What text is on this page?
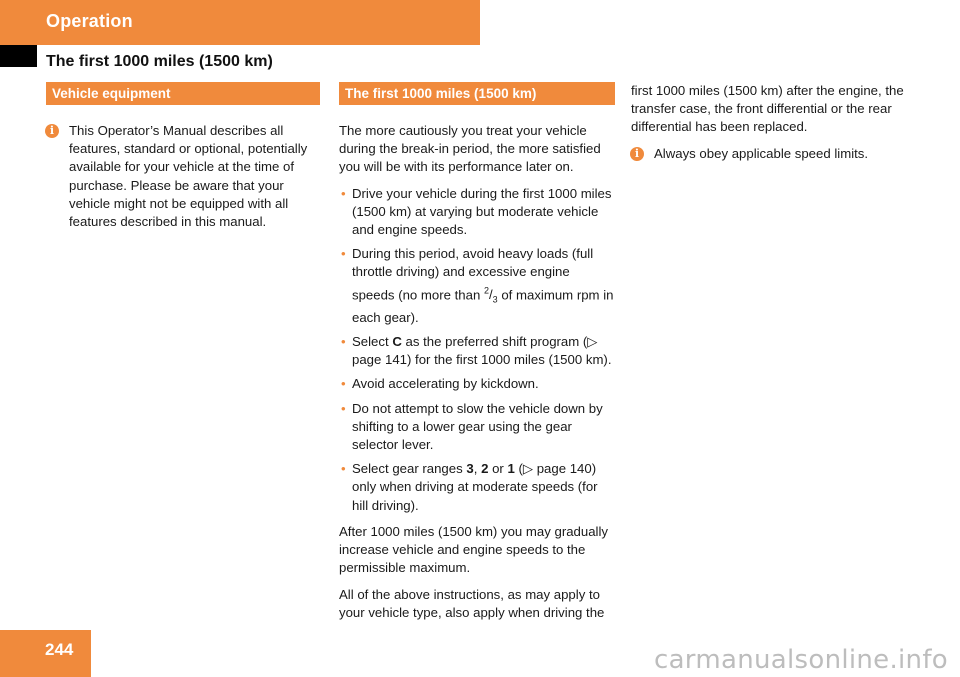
Operation
The first 1000 miles (1500 km)
Vehicle equipment
i	This Operator’s Manual describes all features, standard or optional, potentially available for your vehicle at the time of purchase. Please be aware that your vehicle might not be equipped with all features described in this manual.
The first 1000 miles (1500 km)

The more cautiously you treat your vehicle during the break-in period, the more satisfied you will be with its performance later on.

• Drive your vehicle during the first 1000 miles (1500 km) at varying but moderate vehicle and engine speeds.
• During this period, avoid heavy loads (full throttle driving) and excessive engine speeds (no more than $^2/_3$ of maximum rpm in each gear).
• Select C as the preferred shift program (▷ page 141) for the first 1000 miles (1500 km).
• Avoid accelerating by kickdown.
• Do not attempt to slow the vehicle down by shifting to a lower gear using the gear selector lever.
• Select gear ranges 3, 2 or 1 (▷ page 140) only when driving at moderate speeds (for hill driving).

After 1000 miles (1500 km) you may gradually increase vehicle and engine speeds to the permissible maximum.

All of the above instructions, as may apply to your vehicle type, also apply when driving the

first 1000 miles (1500 km) after the engine, the transfer case, the front differential or the rear differential has been replaced.

i	Always obey applicable speed limits.
244	carmanualsonline.info
